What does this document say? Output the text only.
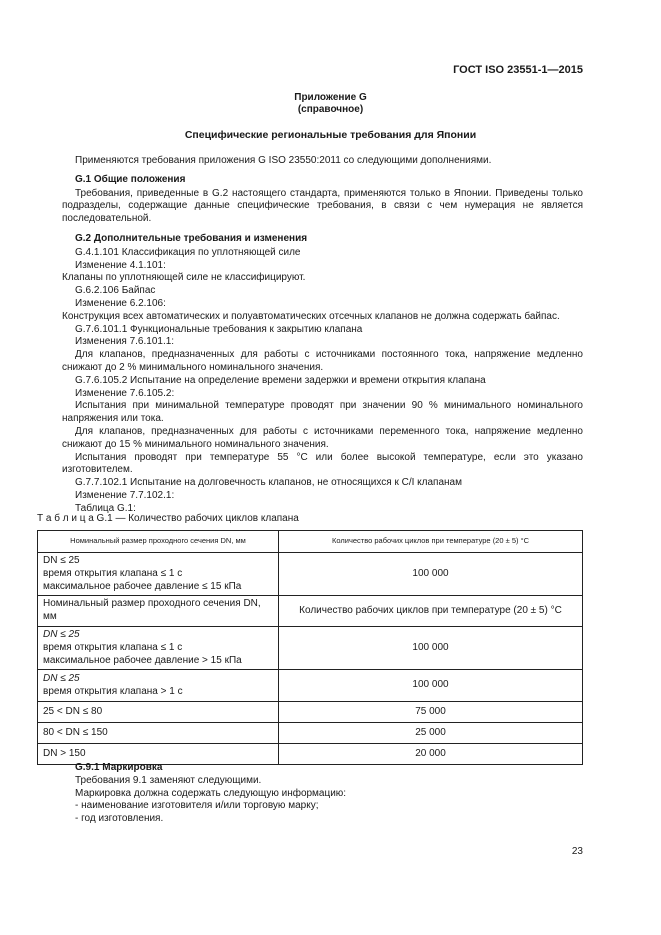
ГОСТ ISO 23551-1—2015
Приложение G
(справочное)
Специфические региональные требования для Японии

Применяются требования приложения G ISO 23550:2011 со следующими дополнениями.

G.1 Общие положения

Требования, приведенные в G.2 настоящего стандарта, применяются только в Японии. Приведены только подразделы, содержащие данные специфические требования, в связи с чем нумерация не является последовательной.

G.2 Дополнительные требования и изменения

G.4.1.101 Классификация по уплотняющей силе

Изменение 4.1.101:

Клапаны по уплотняющей силе не классифицируют.

G.6.2.106 Байпас

Изменение 6.2.106:

Конструкция всех автоматических и полуавтоматических отсечных клапанов не должна содержать байпас.

G.7.6.101.1 Функциональные требования к закрытию клапана

Изменения 7.6.101.1:

Для клапанов, предназначенных для работы с источниками постоянного тока, напряжение медленно снижают до 2 % минимального номинального значения.

G.7.6.105.2 Испытание на определение времени задержки и времени открытия клапана

Изменение 7.6.105.2:

Испытания при минимальной температуре проводят при значении 90 % минимального номинального напряжения или тока.

Для клапанов, предназначенных для работы с источниками переменного тока, напряжение медленно снижают до 15 % минимального номинального значения.

Испытания проводят при температуре 55 °C или более высокой температуре, если это указано изготовителем.

G.7.7.102.1 Испытание на долговечность клапанов, не относящихся к С/I клапанам

Изменение 7.7.102.1:

Таблица G.1:

Т а б л и ц а G.1 — Количество рабочих циклов клапана
Номинальный размер проходного сечения DN, мм	Количество рабочих циклов при температуре (20 ± 5) °C

DN ≤ 25
время открытия клапана ≤ 1 с
максимальное рабочее давление ≤ 15 кПа	100 000
Номинальный размер проходного сечения DN, мм	Количество рабочих циклов при температуре (20 ± 5) °C

DN ≤ 25
время открытия клапана ≤ 1 с
максимальное рабочее давление > 15 кПа	100 000

DN ≤ 25
время открытия клапана > 1 с	100 000
25 < DN ≤ 80	75 000
80 < DN ≤ 150	25 000
DN > 150	20 000

G.9.1 Маркировка

Требования 9.1 заменяют следующими.

Маркировка должна содержать следующую информацию:

- наименование изготовителя и/или торговую марку;

- год изготовления.

23
